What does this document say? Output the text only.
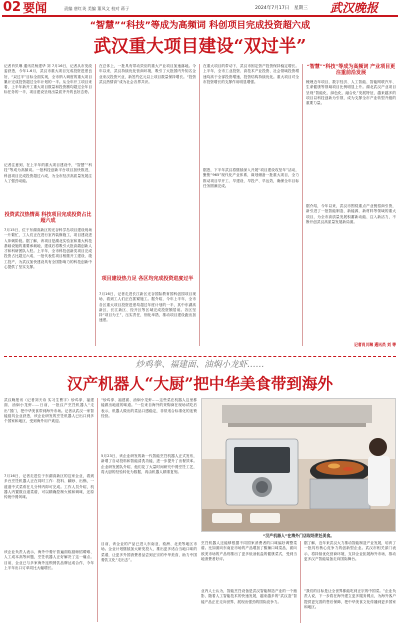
02 要闻	责编 唐红英 美编 董凤文 校对 蒋子	2024年7月17日 星期三 武汉晚报
“智慧”“科技”等成为高频词 科创项目完成投资超六成
武汉重大项目建设“双过半”
记者肖贝琳 通讯员杨建华 刘 7月16日，记者从市发改委获悉，今年1-6月，武汉市重大项目完成投资进度良好，“双过半”目标全面实现，全市纳入调度的重大项目累计完成投资超过全年计划的一半。从全年开工项目来看，上半年新开工重大项目数量和投资额均超过全年目标任务的一半，项目建设呈现出量质齐升的良好态势。
记者注意到，在上半年的重大项目建设中，“智慧”“科技”等成为高频词。一批科技创新平台项目加快推进，科创项目完成投资超过六成，为全市经济高质量发展注入了强劲动能。
投资武汉热情高 科技项目完成投资占比超六成
7月15日，位于东湖高新区的光谷科学岛项目建设现场一片繁忙，工人们正在进行室内装修施工，项目建设进入冲刺阶段。据了解，该项目是湖北实验室和重大科技基础设施的重要承载地，建成后将吸引大批高端创新人才和科研团队入驻。上半年，全市科技创新类项目完成投资占比超过六成，一批代表性项目相继开工建设、竣工投产，为武汉加快建设具有全国影响力的科技创新中心提供了坚实支撑。
在总体上，一批具有带动效应的重大产业项目加速落地。今年以来，武汉持续优化营商环境，吸引了大批国内外知名企业来汉投资兴业，新签约亿元以上项目数量保持增长。“投资武汉热情高”成为社会各界共识。
项目建设热力足 各区均完成投资进度过半
7月16日，记者走进长江新区光谷国际教育园科创园项目现场，看到工人们正在抓紧施工。据介绍，今年上半年，全市各区重大项目投资进度均超过年度计划的一半，其中东湖高新区、长江新区、经开区等区域完成投资额居前。各区坚持“项目为王”，压实责任，细化举措，推动项目建设跑出加速度。
在重大项目的带动下，武汉市固定资产投资保持稳定增长。上半年，全市工业投资、高技术产业投资、社会领域投资增速均高于全部投资增速，投资结构持续优化。重大项目对全市投资增长的支撑作用明显增强。
据悉，下半年武汉将继续深入开展“项目建设攻坚年”活动，聚焦“965”现代化产业体系，谋划储备一批重大项目，全力推动项目早开工、早建设、早投产、早达效，确保全年目标任务圆满完成。
“智慧”“科技”等成为高频词 产业项目更注重前沿发展
梳理近年项目，数字经济、人工智能、智能网联汽车、生命健康等领域项目比例明显上升。湖北武汉产业项目呈现“智能化、绿色化、融合化”发展特征，越来越多的项目以科技创新为引领，成为支撑全市产业转型升级的重要力量。
据介绍，今年以来，武汉市围绕重点产业链招商引资，新引进了一批智能制造、新能源、新材料等领域的重大项目，为全市高质量发展积蓄新动能、注入新活力，不断开创武汉高质量发展新局面。
记者肖贝琳 通讯员 刘 等
炒鸡拳、福建面、油焖小龙虾……
汉产机器人“大厨”把中华美食带到海外
武汉晚报讯（记者刘天诗 实习生曹宇）炒鸡拳、福建面、油焖小龙虾……日前，一批汉产烹饪机器人“走出”国门，把中华美食带到海外市场。记者从武汉一家智能厨具企业获悉，该企业研发的烹饪机器人已出口到多个国家和地区，受到海外用户欢迎。
7月16日，记者走进位于东湖高新区的这家企业，看到多台烹饪机器人正在同时工作：投料、翻炒、出锅，一道道中式菜肴在几分钟内即可完成。工作人员介绍，机器人内置数百道菜谱，可以精确控制火候和调味，还原传统中餐风味。
该企业负责人表示，海外中餐厅普遍面临厨师招聘难、人工成本高等问题，烹饪机器人正好解决了这一痛点。目前，企业已与多家海外连锁餐饮品牌达成合作，今年上半年出口订单同比大幅增长。
“炒鸡拳、福建面、油焖小龙虾……这些菜在机器人这里都能做出地道的味道。”一位来自海外的采购商在现场试吃后表示，机器人做出的菜品口感稳定，非常适合标准化的连锁经营。
5月23日，该企业研发的新一代智能烹饪机器人正式发布，新增了自动投料和智能清洗功能，进一步提升了出餐效率。企业研发团队介绍，他们花了大量时间研究中餐烹饪工艺，将大厨的经验转化为数据，再由机器人精准复刻。
目前，该企业的产品已进入东南亚、欧洲、北美等地区市场。企业计划继续加大研发投入，推出更多适合当地口味的菜谱，让更多外国消费者品尝到正宗的中华美食，助力中国餐饮文化“走出去”。
“汉产机器人”在海外门店现场烹饪美食。
烹饪机器人还能够根据不同国家消费者的口味偏好调整菜谱。比如面向东南亚市场的产品增加了酸辣口味菜品，面向欧美市场的产品则推出了更多低油低盐的健康菜式，受到当地消费者好评。
业内人士认为，智能烹饪设备是武汉智能制造产业的一个缩影，随着人工智能技术的快速发展，越来越多的“武汉造”智能产品正在走向世界，展现出强劲的国际竞争力。
据了解，近年来武汉大力推动智能制造产业发展，培育了一批具有核心竞争力的创新型企业。武汉市相关部门表示，将持续优化营商环境，支持企业拓展海外市场，推动更多汉产智能装备走向国际舞台。
“我们的目标是让全世界都能吃到正宗的中国菜。”企业负责人说，下一步将在海外建立更多服务网点，为海外客户提供更完善的售后保障，把中华美食文化传播到更多国家和地区。
